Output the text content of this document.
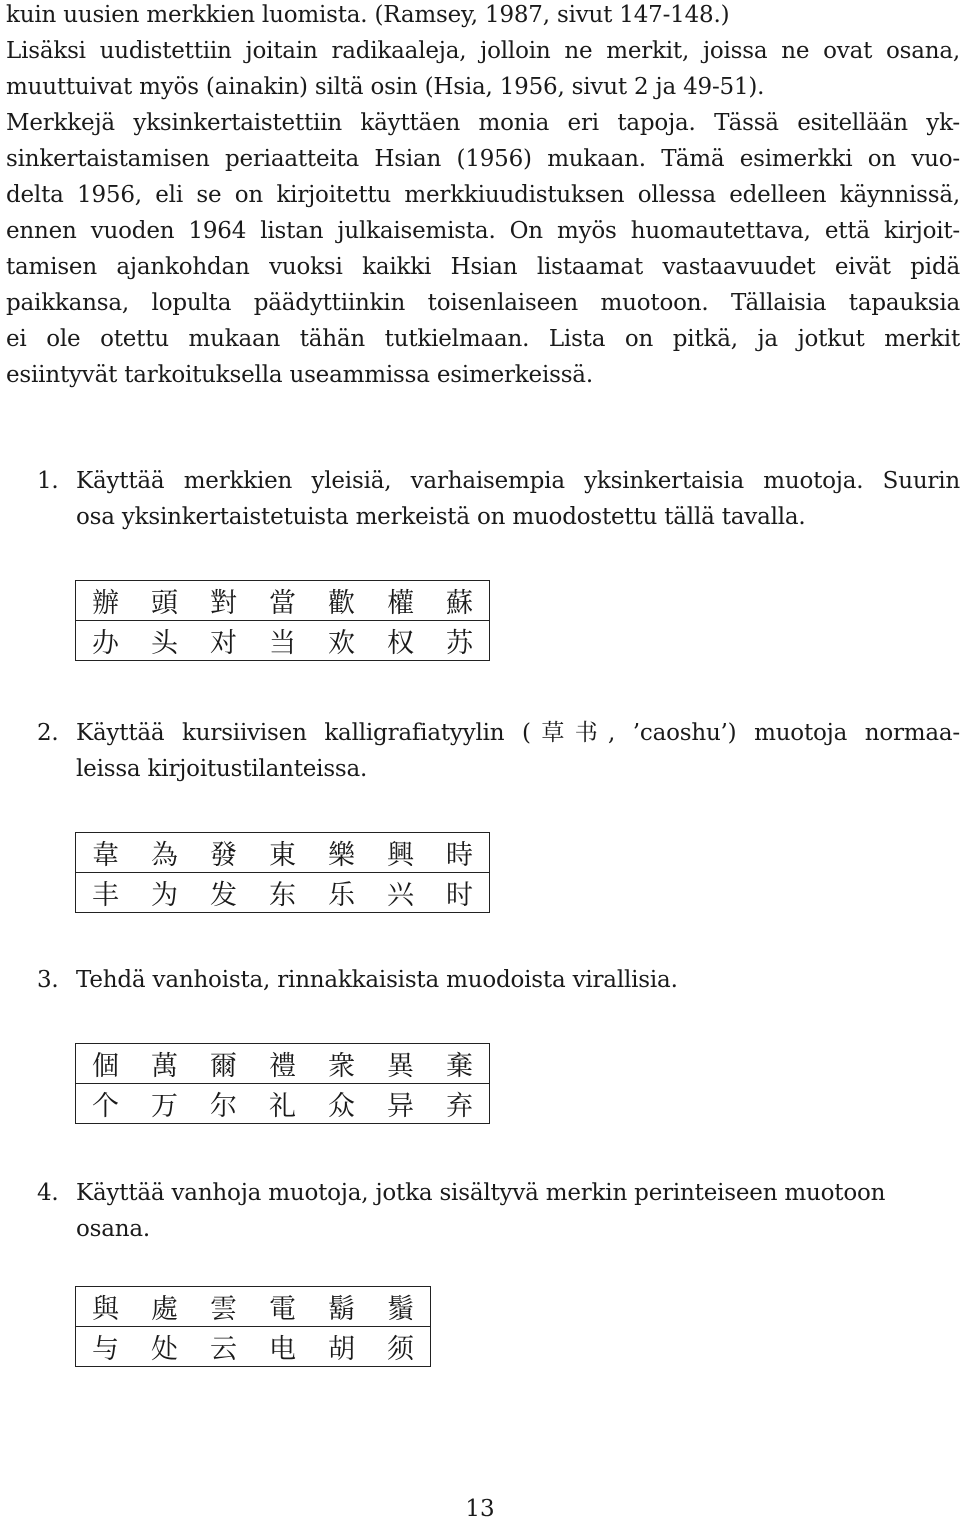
kuin uusien merkkien luomista. (Ramsey, 1987, sivut 147-148.)
Lisäksi uudistettiin joitain radikaaleja, jolloin ne merkit, joissa ne ovat osana,
muuttuivat myös (ainakin) siltä osin (Hsia, 1956, sivut 2 ja 49-51).
Merkkejä yksinkertaistettiin käyttäen monia eri tapoja. Tässä esitellään yk-
sinkertaistamisen periaatteita Hsian (1956) mukaan. Tämä esimerkki on vuo-
delta 1956, eli se on kirjoitettu merkkiuudistuksen ollessa edelleen käynnissä,
ennen vuoden 1964 listan julkaisemista. On myös huomautettava, että kirjoit-
tamisen ajankohdan vuoksi kaikki Hsian listaamat vastaavuudet eivät pidä
paikkansa, lopulta päädyttiinkin toisenlaiseen muotoon. Tällaisia tapauksia
ei ole otettu mukaan tähän tutkielmaan. Lista on pitkä, ja jotkut merkit
esiintyvät tarkoituksella useammissa esimerkeissä.
1. Käyttää merkkien yleisiä, varhaisempia yksinkertaisia muotoja. Suurin
osa yksinkertaistetuista merkeistä on muodostettu tällä tavalla.
辦	頭	對	當	歡	權	蘇
办	头	对	当	欢	权	苏
2. Käyttää kursiivisen kalligrafiatyylin (草书, ’caoshu’) muotoja normaa-
leissa kirjoitustilanteissa.
韋	為	發	東	樂	興	時
丰	为	发	东	乐	兴	时
3. Tehdä vanhoista, rinnakkaisista muodoista virallisia.
個	萬	爾	禮	衆	異	棄
个	万	尔	礼	众	异	弃
4. Käyttää vanhoja muotoja, jotka sisältyvä merkin perinteiseen muotoon
osana.
與	處	雲	電	鬍	鬚
与	处	云	电	胡	须
13
